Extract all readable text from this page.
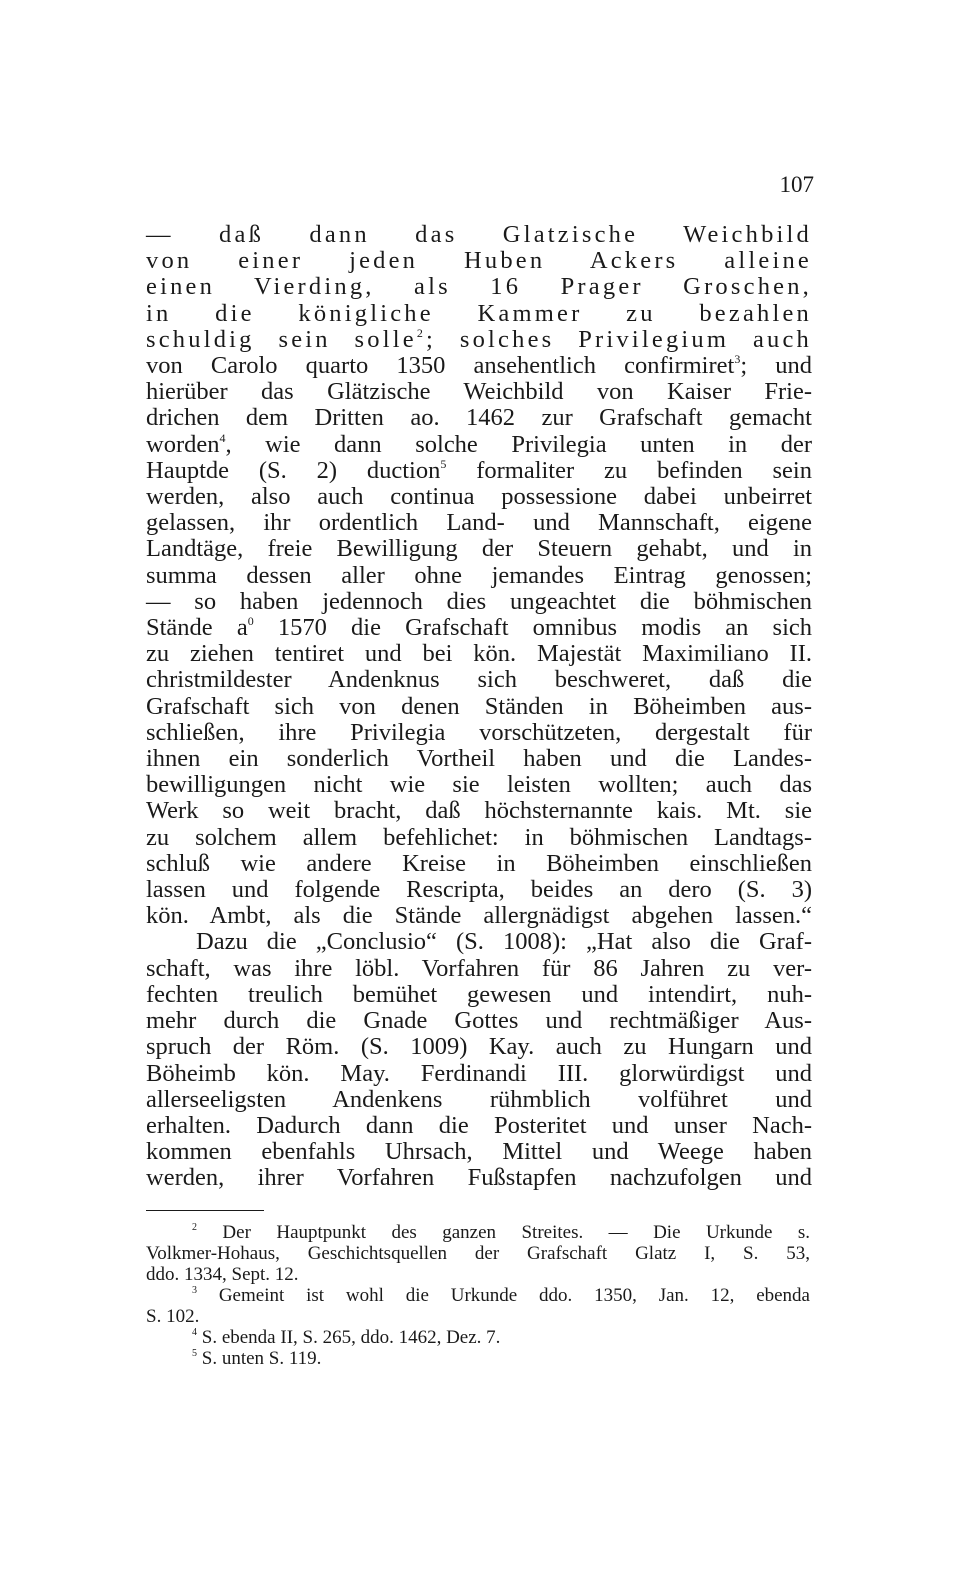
107
— daß dann das Glatzische Weichbild
von einer jeden Huben Ackers alleine
einen Vierding, als 16 Prager Groschen,
in die königliche Kammer zu bezahlen
schuldig sein solle$^2$; solches Privilegium auch
von Carolo quarto 1350 ansehentlich confirmiret$^3$; und
hierüber das Glätzische Weichbild von Kaiser Frie-
drichen dem Dritten ao. 1462 zur Grafschaft gemacht
worden$^4$, wie dann solche Privilegia unten in der
Hauptde (S. 2) duction$^5$ formaliter zu befinden sein
werden, also auch continua possessione dabei unbeirret
gelassen, ihr ordentlich Land- und Mannschaft, eigene
Landtäge, freie Bewilligung der Steuern gehabt, und in
summa dessen aller ohne jemandes Eintrag genossen;
— so haben jedennoch dies ungeachtet die böhmischen
Stände $a^0$ 1570 die Grafschaft omnibus modis an sich
zu ziehen tentiret und bei kön. Majestät Maximiliano II.
christmildester Andenknus sich beschweret, daß die
Grafschaft sich von denen Ständen in Böheimben aus-
schließen, ihre Privilegia vorschützeten, dergestalt für
ihnen ein sonderlich Vortheil haben und die Landes-
bewilligungen nicht wie sie leisten wollten; auch das
Werk so weit bracht, daß höchsternannte kais. Mt. sie
zu solchem allem befehlichet: in böhmischen Landtags-
schluß wie andere Kreise in Böheimben einschließen
lassen und folgende Rescripta, beides an dero (S. 3)
kön. Ambt, als die Stände allergnädigst abgehen lassen.“
Dazu die „Conclusio“ (S. 1008): „Hat also die Graf-
schaft, was ihre löbl. Vorfahren für 86 Jahren zu ver-
fechten treulich bemühet gewesen und intendirt, nuh-
mehr durch die Gnade Gottes und rechtmäßiger Aus-
spruch der Röm. (S. 1009) Kay. auch zu Hungarn und
Böheimb kön. May. Ferdinandi III. glorwürdigst und
allerseeligsten Andenkens rühmblich volführet und
erhalten. Dadurch dann die Posteritet und unser Nach-
kommen ebenfahls Uhrsach, Mittel und Weege haben
werden, ihrer Vorfahren Fußstapfen nachzufolgen und
$^2$ Der Hauptpunkt des ganzen Streites. — Die Urkunde s.
Volkmer-Hohaus, Geschichtsquellen der Grafschaft Glatz I, S. 53,
ddo. 1334, Sept. 12.
$^3$ Gemeint ist wohl die Urkunde ddo. 1350, Jan. 12, ebenda
S. 102.
$^4$ S. ebenda II, S. 265, ddo. 1462, Dez. 7.
$^5$ S. unten S. 119.
